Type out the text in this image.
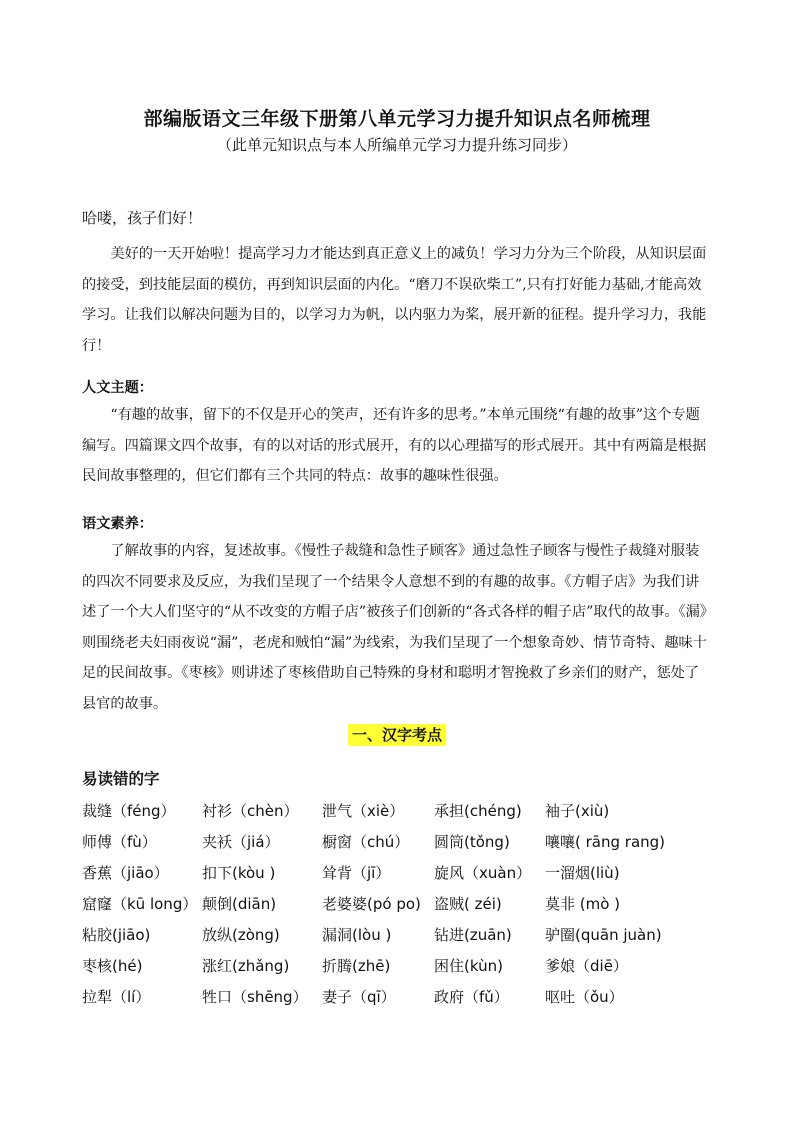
部编版语文三年级下册第八单元学习力提升知识点名师梳理
（此单元知识点与本人所编单元学习力提升练习同步）
哈喽，孩子们好！

美好的一天开始啦！提高学习力才能达到真正意义上的减负！学习力分为三个阶段，从知识层面的接受，到技能层面的模仿，再到知识层面的内化。“磨刀不误砍柴工”,只有打好能力基础,才能高效学习。让我们以解决问题为目的，以学习力为帆，以内驱力为桨，展开新的征程。提升学习力，我能行！

人文主题：

“有趣的故事，留下的不仅是开心的笑声，还有许多的思考。”本单元围绕“有趣的故事”这个专题编写。四篇课文四个故事，有的以对话的形式展开，有的以心理描写的形式展开。其中有两篇是根据民间故事整理的，但它们都有三个共同的特点：故事的趣味性很强。

语文素养：

了解故事的内容，复述故事。《慢性子裁缝和急性子顾客》通过急性子顾客与慢性子裁缝对服装的四次不同要求及反应，为我们呈现了一个结果令人意想不到的有趣的故事。《方帽子店》为我们讲述了一个大人们坚守的“从不改变的方帽子店”被孩子们创新的“各式各样的帽子店”取代的故事。《漏》则围绕老夫妇雨夜说“漏”，老虎和贼怕“漏”为线索，为我们呈现了一个想象奇妙、情节奇特、趣味十足的民间故事。《枣核》则讲述了枣核借助自己特殊的身材和聪明才智挽救了乡亲们的财产，惩处了县官的故事。

一、汉字考点
易读错的字
裁缝（féng） 衬衫（chèn） 泄气（xiè） 承担(chéng) 袖子(xiù)
师傅（fù）	夹袄（jiá）	橱窗（chú） 圆筒(tǒng) 嚷嚷( rāng rang)
香蕉（jiāo） 扣下(kòu )	耸背（jī）	旋风（xuàn） 一溜烟(liù)
窟窿（kū long） 颠倒(diān)	老婆婆(pó po) 盗贼( zéi)	莫非 (mò )
粘胶(jiāo)	放纵(zòng)	漏洞(lòu )	钻进(zuān) 驴圈(quān juàn)
枣核(hé)	涨红(zhǎng) 折腾(zhē)	困住(kùn)	爹娘（diē）
拉犁（lí）	牲口（shēng） 妻子（qī）	政府（fǔ） 呕吐（ǒu）
